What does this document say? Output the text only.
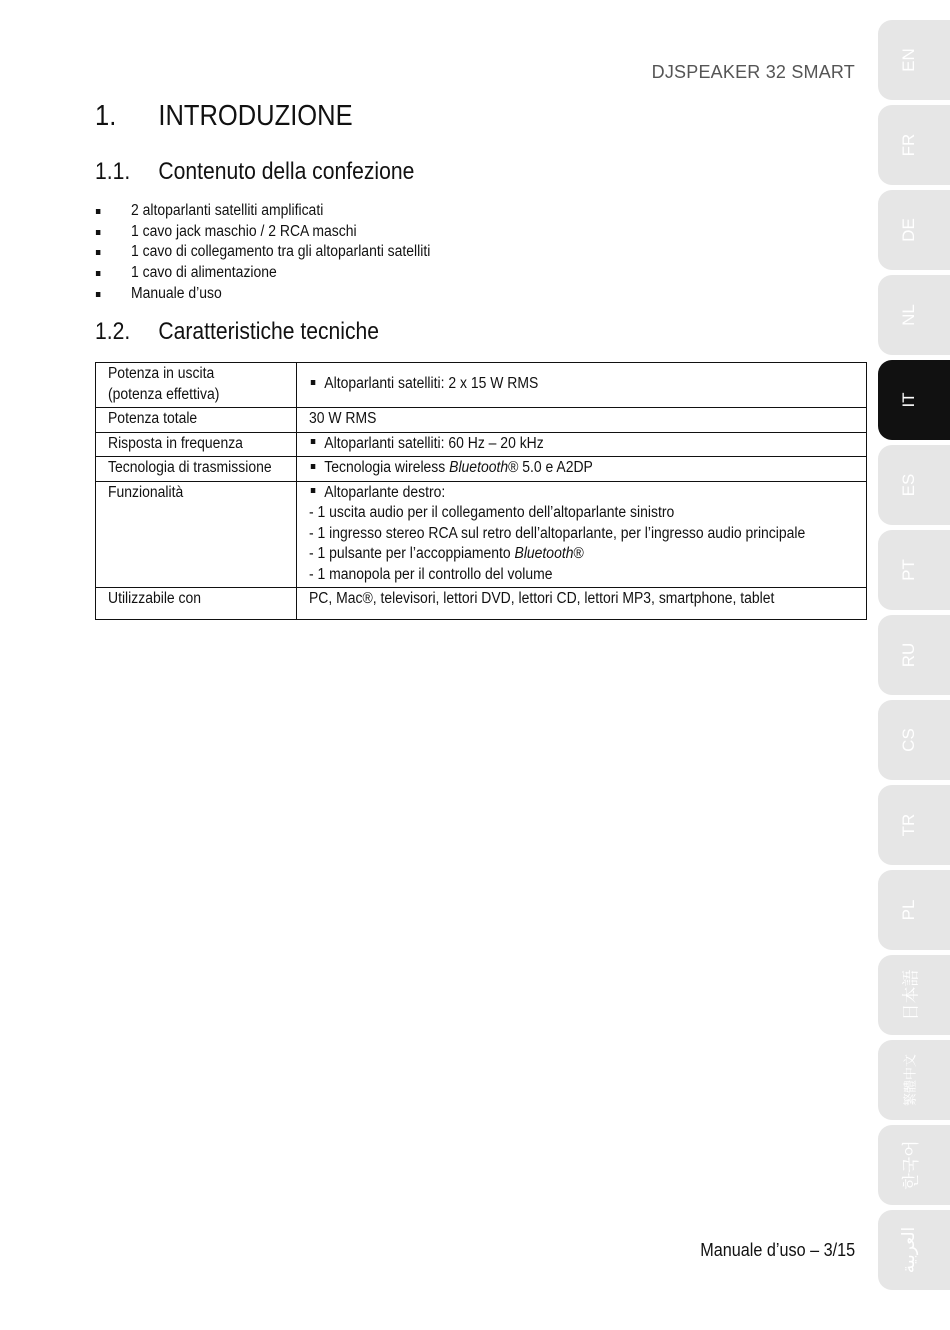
DJSPEAKER 32 SMART
1. INTRODUZIONE
1.1. Contenuto della confezione
2 altoparlanti satelliti amplificati
1 cavo jack maschio / 2 RCA maschi
1 cavo di collegamento tra gli altoparlanti satelliti
1 cavo di alimentazione
Manuale d’uso
1.2. Caratteristiche tecniche
Potenza in uscita
(potenza effettiva)	Altoparlanti satelliti: 2 x 15 W RMS
Potenza totale	30 W RMS
Risposta in frequenza	Altoparlanti satelliti: 60 Hz – 20 kHz
Tecnologia di trasmissione	Tecnologia wireless Bluetooth® 5.0 e A2DP
Funzionalità	Altoparlante destro:
- 1 uscita audio per il collegamento dell’altoparlante sinistro
- 1 ingresso stereo RCA sul retro dell’altoparlante, per l’ingresso audio principale
- 1 pulsante per l’accoppiamento Bluetooth®
- 1 manopola per il controllo del volume
Utilizzabile con	PC, Mac®, televisori, lettori DVD, lettori CD, lettori MP3, smartphone, tablet
Manuale d’uso – 3/15
EN
FR
DE
NL
IT
ES
PT
RU
CS
TR
PL
日本語
繁體中文
한국어
العربية
